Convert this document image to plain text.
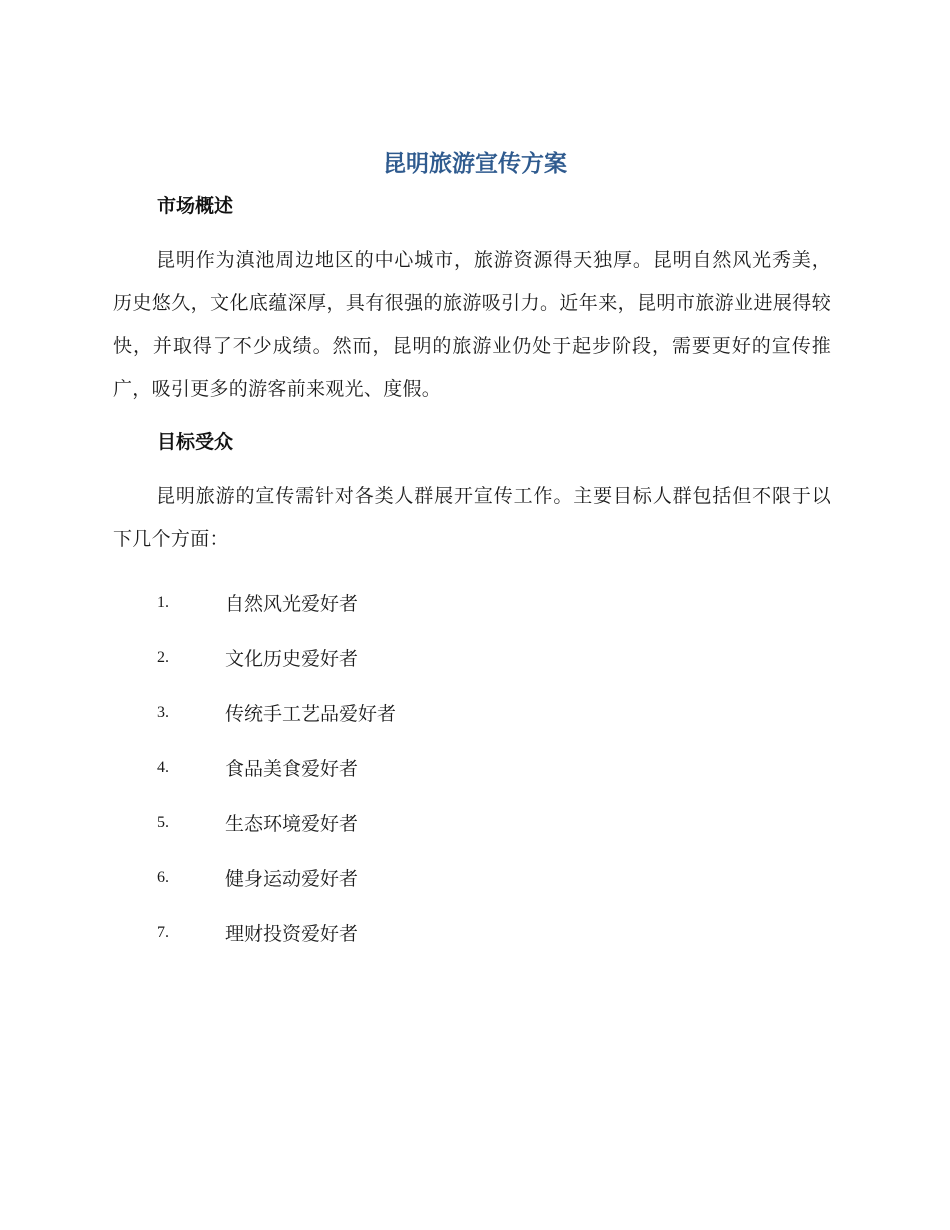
昆明旅游宣传方案
市场概述

昆明作为滇池周边地区的中心城市，旅游资源得天独厚。昆明自然风光秀美，历史悠久，文化底蕴深厚，具有很强的旅游吸引力。近年来，昆明市旅游业进展得较快，并取得了不少成绩。然而，昆明的旅游业仍处于起步阶段，需要更好的宣传推广，吸引更多的游客前来观光、度假。

目标受众

昆明旅游的宣传需针对各类人群展开宣传工作。主要目标人群包括但不限于以下几个方面：

1.	自然风光爱好者
2.	文化历史爱好者
3.	传统手工艺品爱好者
4.	食品美食爱好者
5.	生态环境爱好者
6.	健身运动爱好者
7.	理财投资爱好者
